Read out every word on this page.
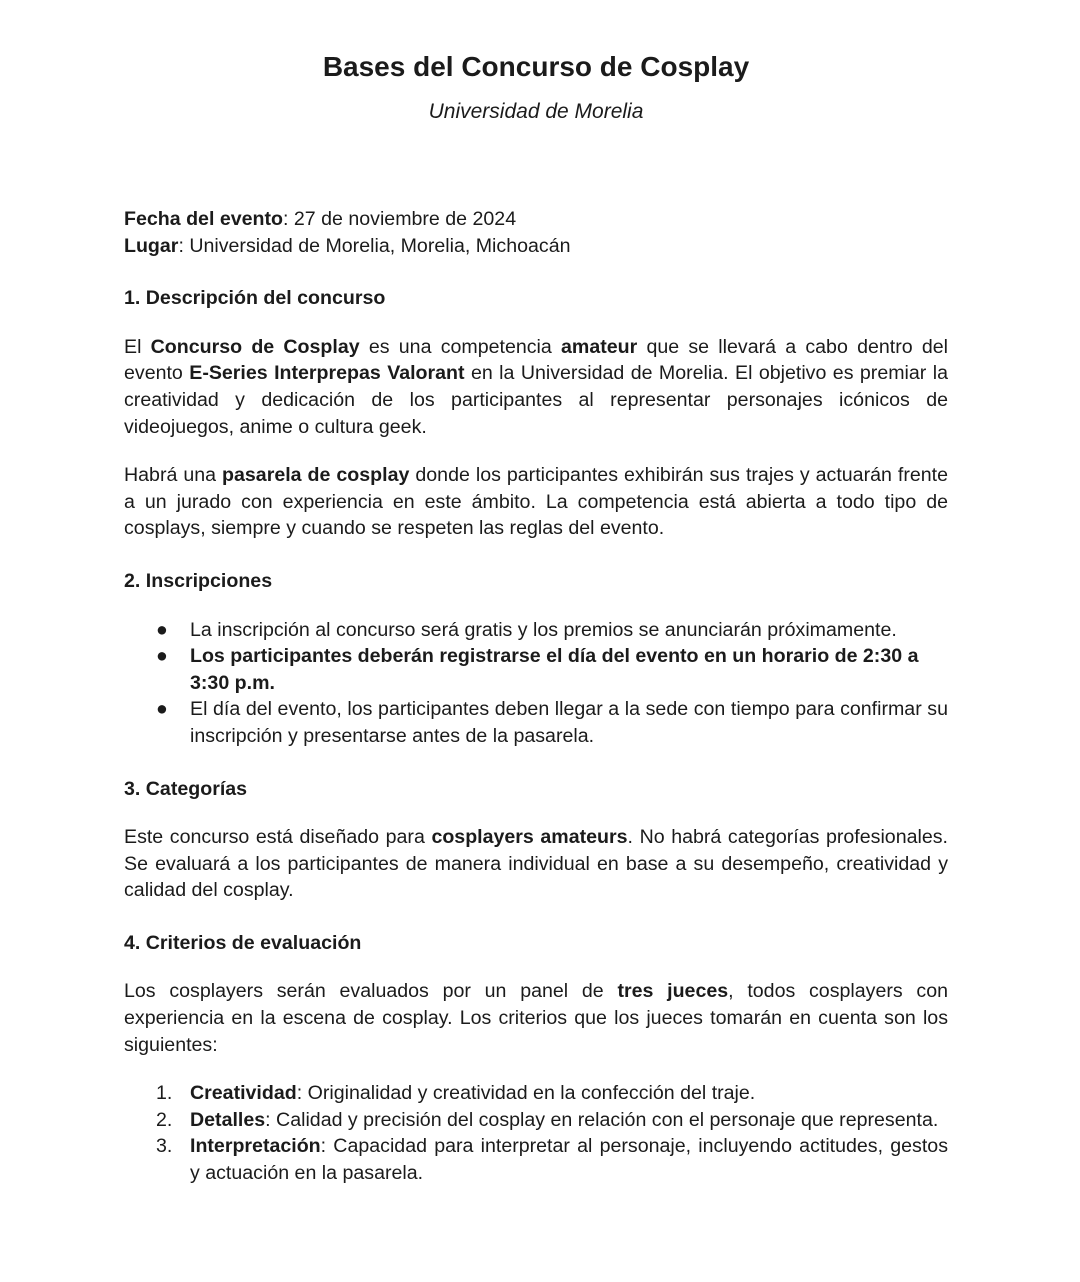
Bases del Concurso de Cosplay
Universidad de Morelia
Fecha del evento: 27 de noviembre de 2024
Lugar: Universidad de Morelia, Morelia, Michoacán
1. Descripción del concurso

El Concurso de Cosplay es una competencia amateur que se llevará a cabo dentro del evento E-Series Interprepas Valorant en la Universidad de Morelia. El objetivo es premiar la creatividad y dedicación de los participantes al representar personajes icónicos de videojuegos, anime o cultura geek.

Habrá una pasarela de cosplay donde los participantes exhibirán sus trajes y actuarán frente a un jurado con experiencia en este ámbito. La competencia está abierta a todo tipo de cosplays, siempre y cuando se respeten las reglas del evento.

2. Inscripciones
● La inscripción al concurso será gratis y los premios se anunciarán próximamente.
● Los participantes deberán registrarse el día del evento en un horario de 2:30 a 3:30 p.m.
● El día del evento, los participantes deben llegar a la sede con tiempo para confirmar su inscripción y presentarse antes de la pasarela.
3. Categorías

Este concurso está diseñado para cosplayers amateurs. No habrá categorías profesionales. Se evaluará a los participantes de manera individual en base a su desempeño, creatividad y calidad del cosplay.

4. Criterios de evaluación

Los cosplayers serán evaluados por un panel de tres jueces, todos cosplayers con experiencia en la escena de cosplay. Los criterios que los jueces tomarán en cuenta son los siguientes:

1. Creatividad: Originalidad y creatividad en la confección del traje.
2. Detalles: Calidad y precisión del cosplay en relación con el personaje que representa.
3. Interpretación: Capacidad para interpretar al personaje, incluyendo actitudes, gestos y actuación en la pasarela.
